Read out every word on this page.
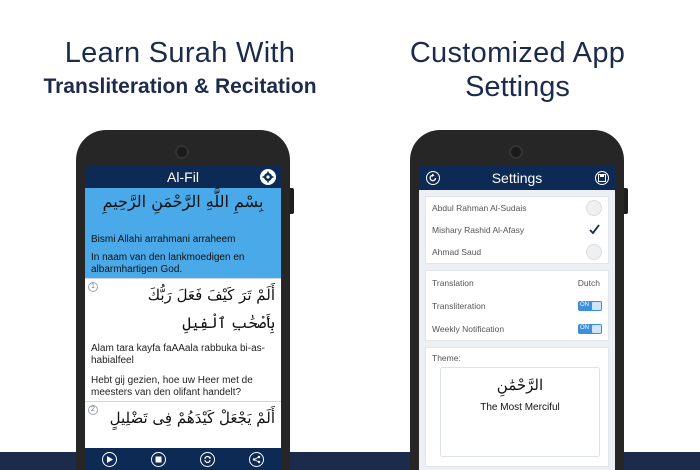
Learn Surah With
Transliteration & Recitation
Customized App
Settings
Al-Fil
بِسْمِ اللَّهِ الرَّحْمَنِ الرَّحِيمِ
Bismi Allahi arrahmani arraheem
In naam van den lankmoedigen en albarmhartigen God.
1	أَلَمْ تَرَ كَيْفَ فَعَلَ رَبُّكَ
بِأَصْحَٰبِ ٱلْفِيلِ
Alam tara kayfa faAAala rabbuka bi-as-habialfeel
Hebt gij gezien, hoe uw Heer met de meesters van den olifant handelt?
2 أَلَمْ يَجْعَلْ كَيْدَهُمْ فِى تَضْلِيلٍ
Settings
Abdul Rahman Al-Sudais
Mishary Rashid Al-Afasy
Ahmad Saud
Translation	Dutch
Transliteration	ON
Weekly Notification	ON
Theme:
الرَّحْمَٰنِ
The Most Merciful
